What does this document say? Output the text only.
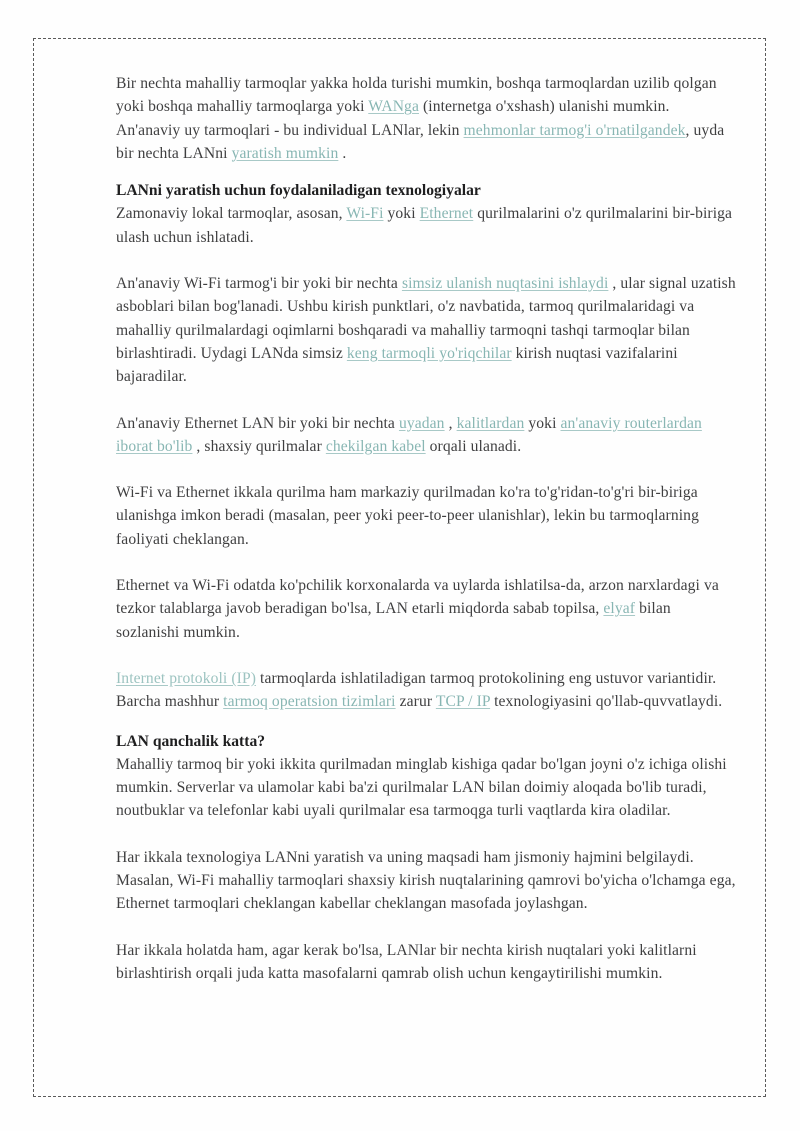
Bir nechta mahalliy tarmoqlar yakka holda turishi mumkin, boshqa tarmoqlardan uzilib qolgan yoki boshqa mahalliy tarmoqlarga yoki WANga (internetga o'xshash) ulanishi mumkin. An'anaviy uy tarmoqlari - bu individual LANlar, lekin mehmonlar tarmog'i o'rnatilgandek, uyda bir nechta LANni yaratish mumkin .

LANni yaratish uchun foydalaniladigan texnologiyalar

Zamonaviy lokal tarmoqlar, asosan, Wi-Fi yoki Ethernet qurilmalarini o'z qurilmalarini bir-biriga ulash uchun ishlatadi.

An'anaviy Wi-Fi tarmog'i bir yoki bir nechta simsiz ulanish nuqtasini ishlaydi , ular signal uzatish asboblari bilan bog'lanadi. Ushbu kirish punktlari, o'z navbatida, tarmoq qurilmalaridagi va mahalliy qurilmalardagi oqimlarni boshqaradi va mahalliy tarmoqni tashqi tarmoqlar bilan birlashtiradi. Uydagi LANda simsiz keng tarmoqli yo'riqchilar kirish nuqtasi vazifalarini bajaradilar.

An'anaviy Ethernet LAN bir yoki bir nechta uyadan , kalitlardan yoki an'anaviy routerlardan iborat bo'lib , shaxsiy qurilmalar chekilgan kabel orqali ulanadi.

Wi-Fi va Ethernet ikkala qurilma ham markaziy qurilmadan ko'ra to'g'ridan-to'g'ri bir-biriga ulanishga imkon beradi (masalan, peer yoki peer-to-peer ulanishlar), lekin bu tarmoqlarning faoliyati cheklangan.

Ethernet va Wi-Fi odatda ko'pchilik korxonalarda va uylarda ishlatilsa-da, arzon narxlardagi va tezkor talablarga javob beradigan bo'lsa, LAN etarli miqdorda sabab topilsa, elyaf bilan sozlanishi mumkin.

Internet protokoli (IP) tarmoqlarda ishlatiladigan tarmoq protokolining eng ustuvor variantidir. Barcha mashhur tarmoq operatsion tizimlari zarur TCP / IP texnologiyasini qo'llab-quvvatlaydi.

LAN qanchalik katta?

Mahalliy tarmoq bir yoki ikkita qurilmadan minglab kishiga qadar bo'lgan joyni o'z ichiga olishi mumkin. Serverlar va ulamolar kabi ba'zi qurilmalar LAN bilan doimiy aloqada bo'lib turadi, noutbuklar va telefonlar kabi uyali qurilmalar esa tarmoqga turli vaqtlarda kira oladilar.

Har ikkala texnologiya LANni yaratish va uning maqsadi ham jismoniy hajmini belgilaydi. Masalan, Wi-Fi mahalliy tarmoqlari shaxsiy kirish nuqtalarining qamrovi bo'yicha o'lchamga ega, Ethernet tarmoqlari cheklangan kabellar cheklangan masofada joylashgan.

Har ikkala holatda ham, agar kerak bo'lsa, LANlar bir nechta kirish nuqtalari yoki kalitlarni birlashtirish orqali juda katta masofalarni qamrab olish uchun kengaytirilishi mumkin.
